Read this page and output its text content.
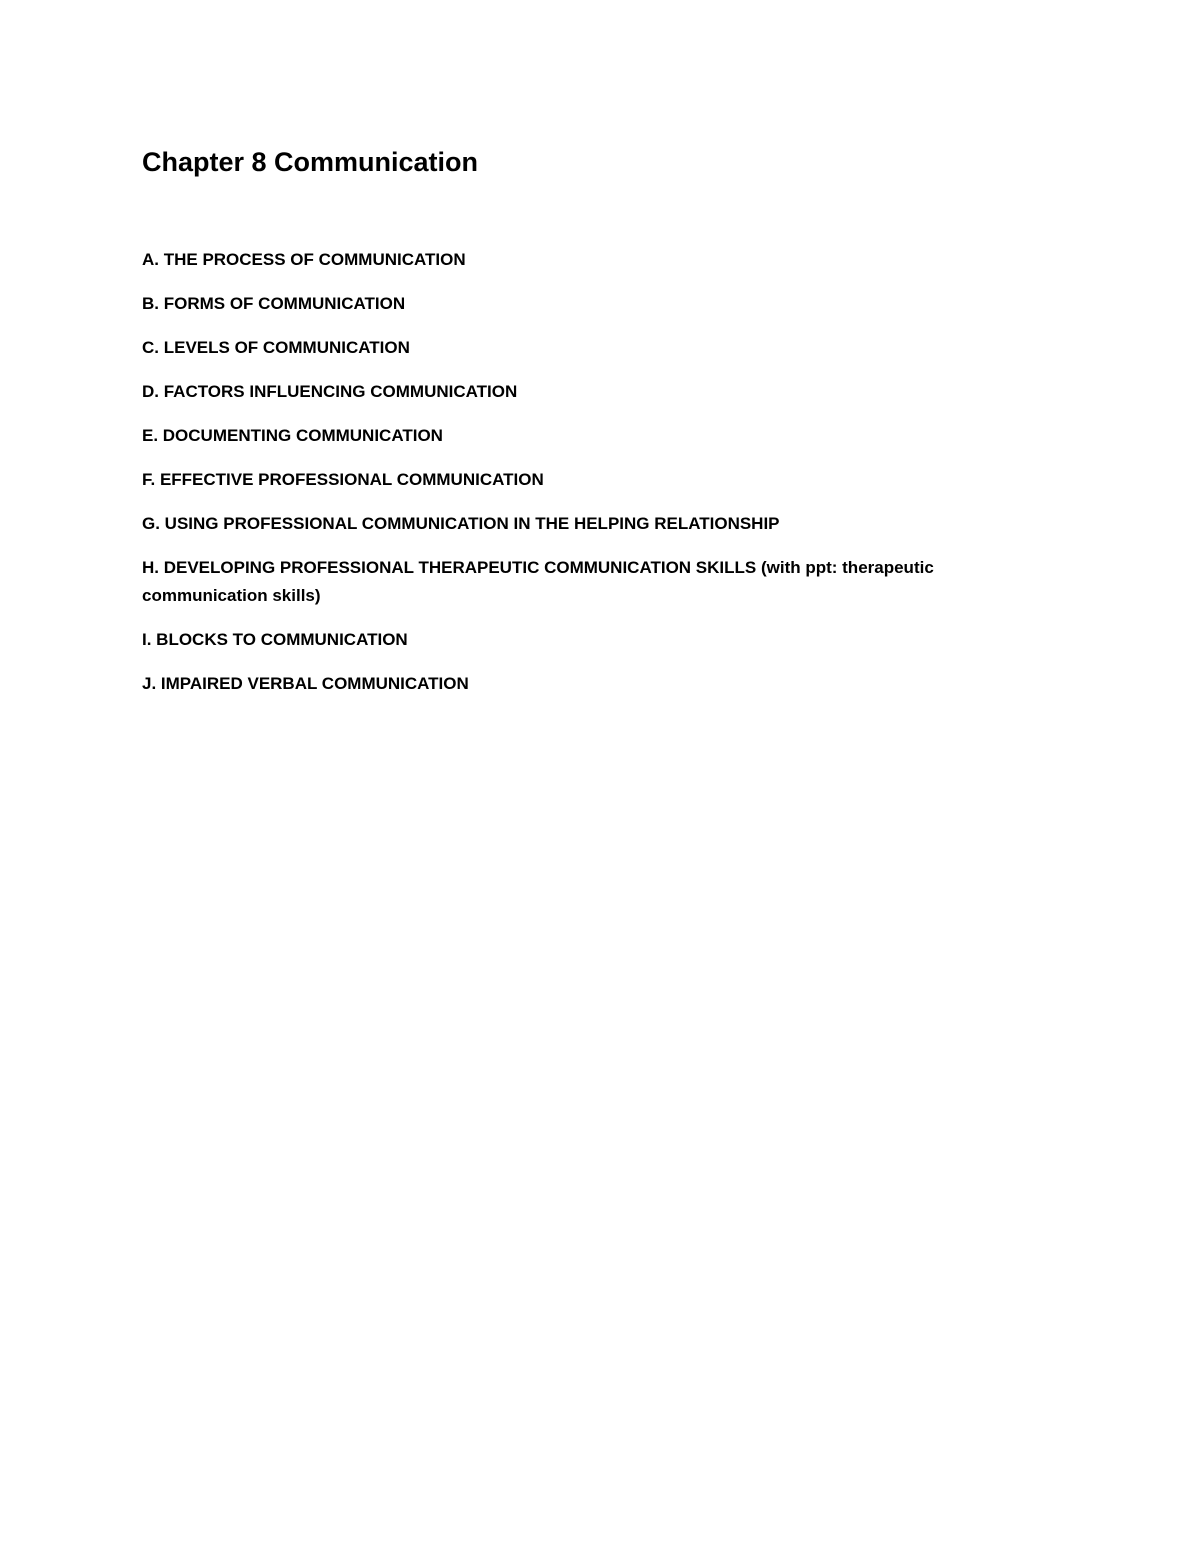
Chapter 8 Communication
A. THE PROCESS OF COMMUNICATION
B. FORMS OF COMMUNICATION
C. LEVELS OF COMMUNICATION
D. FACTORS INFLUENCING COMMUNICATION
E. DOCUMENTING COMMUNICATION
F. EFFECTIVE PROFESSIONAL COMMUNICATION
G. USING PROFESSIONAL COMMUNICATION IN THE HELPING RELATIONSHIP
H. DEVELOPING PROFESSIONAL THERAPEUTIC COMMUNICATION SKILLS (with ppt: therapeutic communication skills)
I. BLOCKS TO COMMUNICATION
J. IMPAIRED VERBAL COMMUNICATION
